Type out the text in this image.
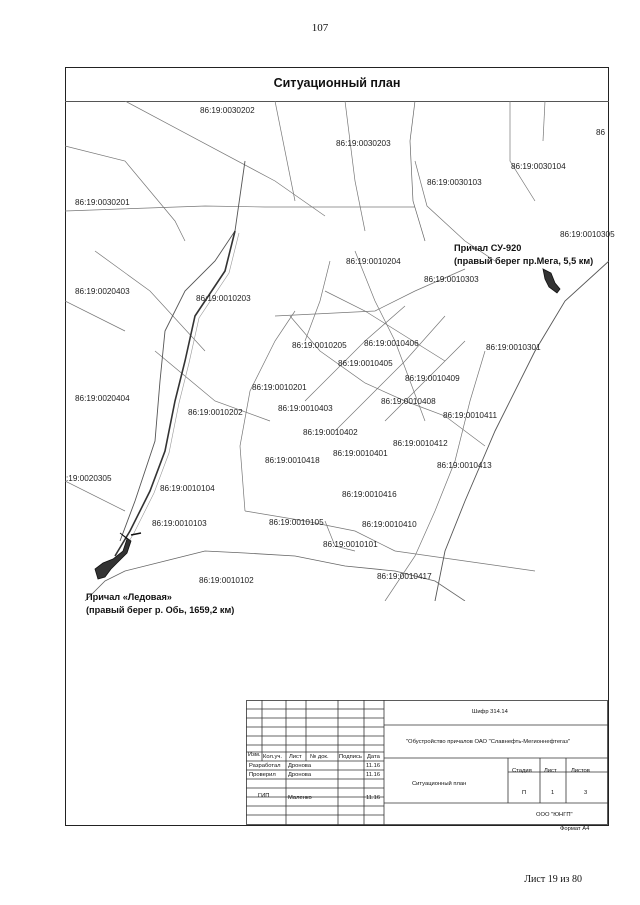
107
Ситуационный план
86:19:0030202
86:19:0030203
86:19:0030103
86:19:0030104
86:19:0030201
86:19:0010305
86:19:0010204
86:19:0010303
86:19:0020403
86:19:0010203
86:19:0010205 86:19:0010406	86:19:0010301
86:19:0010405
86:19:0010409
86:19:0010201
86:19:0020404
86:19:0010202	86:19:0010403
86:19:0010408
86:19:0010411
86:19:0010402
86:19:0010412
86:19:0010401
86:19:0010418
86:19:0010413
:19:0020305
86:19:0010104
86:19:0010416
86:19:0010103	86:19:0010105	86:19:0010410
86:19:0010101
86:19:0010417
86:19:0010102
86
Причал СУ-920
(правый берег пр.Мега, 5,5 км)
Причал «Ледовая»
(правый берег р. Обь, 1659,2 км)
Изм. Кол.уч. Лист № док. Подпись Дата
Разработал Дронова	11.16
Проверил Дронова	11.16
ГИП	Маленко	11.16
Шифр 314.14
"Обустройство причалов ОАО "Славнефть-Мегионнефтегаз"
Ситуационный план
Стадия Лист Листов
П	1	3
ООО "ЮНГП"
Формат А4
Лист 19 из 80
